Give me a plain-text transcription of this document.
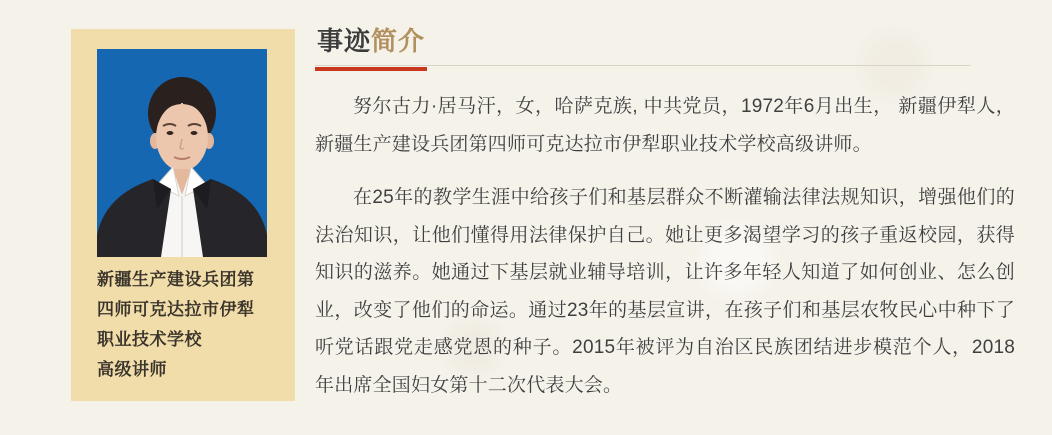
新疆生产建设兵团第四师可克达拉市伊犁职业技术学校
高级讲师
事迹简介

努尔古力·居马汗，女，哈萨克族, 中共党员，1972年6月出生， 新疆伊犁人，新疆生产建设兵团第四师可克达拉市伊犁职业技术学校高级讲师。

在25年的教学生涯中给孩子们和基层群众不断灌输法律法规知识，增强他们的法治知识，让他们懂得用法律保护自己。她让更多渴望学习的孩子重返校园，获得知识的滋养。她通过下基层就业辅导培训，让许多年轻人知道了如何创业、怎么创业，改变了他们的命运。通过23年的基层宣讲，在孩子们和基层农牧民心中种下了听党话跟党走感党恩的种子。2015年被评为自治区民族团结进步模范个人，2018年出席全国妇女第十二次代表大会。
